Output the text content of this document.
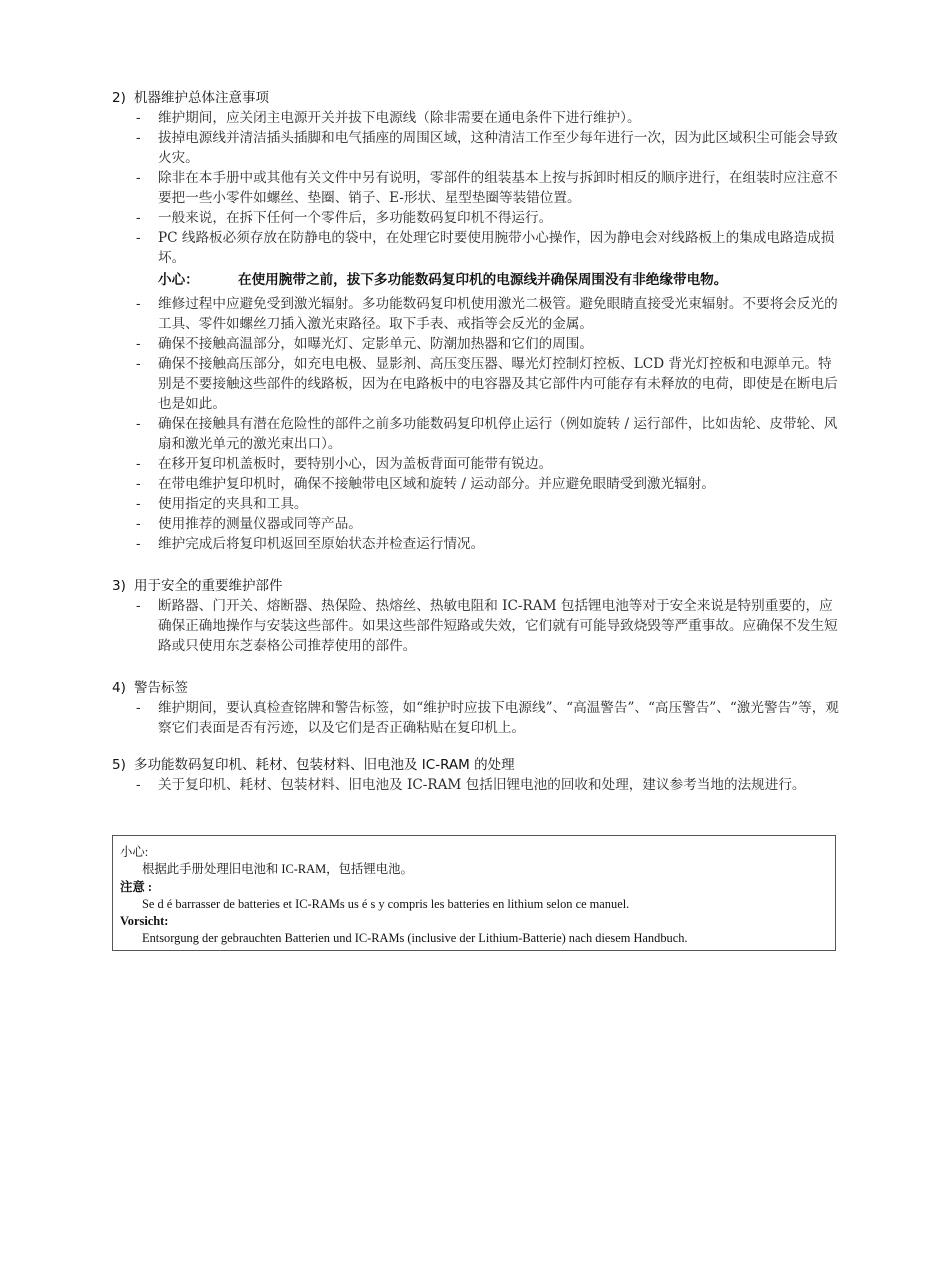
2) 机器维护总体注意事项
- 维护期间，应关闭主电源开关并拔下电源线（除非需要在通电条件下进行维护）。
- 拔掉电源线并清洁插头插脚和电气插座的周围区域，这种清洁工作至少每年进行一次，因为此区域积尘可能会导致火灾。
- 除非在本手册中或其他有关文件中另有说明，零部件的组装基本上按与拆卸时相反的顺序进行，在组装时应注意不要把一些小零件如螺丝、垫圈、销子、E-形状、星型垫圈等装错位置。
- 一般来说，在拆下任何一个零件后，多功能数码复印机不得运行。
- PC 线路板必须存放在防静电的袋中，在处理它时要使用腕带小心操作，因为静电会对线路板上的集成电路造成损坏。
小心：	在使用腕带之前，拔下多功能数码复印机的电源线并确保周围没有非绝缘带电物。
- 维修过程中应避免受到激光辐射。多功能数码复印机使用激光二极管。避免眼睛直接受光束辐射。不要将会反光的工具、零件如螺丝刀插入激光束路径。取下手表、戒指等会反光的金属。
- 确保不接触高温部分，如曝光灯、定影单元、防潮加热器和它们的周围。
- 确保不接触高压部分，如充电电极、显影剂、高压变压器、曝光灯控制灯控板、LCD 背光灯控板和电源单元。特别是不要接触这些部件的线路板，因为在电路板中的电容器及其它部件内可能存有未释放的电荷，即使是在断电后也是如此。
- 确保在接触具有潜在危险性的部件之前多功能数码复印机停止运行（例如旋转 / 运行部件，比如齿轮、皮带轮、风扇和激光单元的激光束出口）。
- 在移开复印机盖板时，要特别小心，因为盖板背面可能带有锐边。
- 在带电维护复印机时，确保不接触带电区域和旋转 / 运动部分。并应避免眼睛受到激光辐射。
- 使用指定的夹具和工具。
- 使用推荐的测量仪器或同等产品。
- 维护完成后将复印机返回至原始状态并检查运行情况。
3) 用于安全的重要维护部件
- 断路器、门开关、熔断器、热保险、热熔丝、热敏电阻和 IC-RAM 包括锂电池等对于安全来说是特别重要的，应确保正确地操作与安装这些部件。如果这些部件短路或失效，它们就有可能导致烧毁等严重事故。应确保不发生短路或只使用东芝泰格公司推荐使用的部件。
4) 警告标签
- 维护期间，要认真检查铭牌和警告标签，如“维护时应拔下电源线”、“高温警告”、“高压警告”、“激光警告”等，观察它们表面是否有污迹，以及它们是否正确粘贴在复印机上。
5) 多功能数码复印机、耗材、包装材料、旧电池及 IC-RAM 的处理
- 关于复印机、耗材、包装材料、旧电池及 IC-RAM 包括旧锂电池的回收和处理，建议参考当地的法规进行。
小心:
根据此手册处理旧电池和 IC-RAM，包括锂电池。
注意 :
Se d é barrasser de batteries et IC-RAMs us é s y compris les batteries en lithium selon ce manuel.
Vorsicht:
Entsorgung der gebrauchten Batterien und IC-RAMs (inclusive der Lithium-Batterie) nach diesem Handbuch.
